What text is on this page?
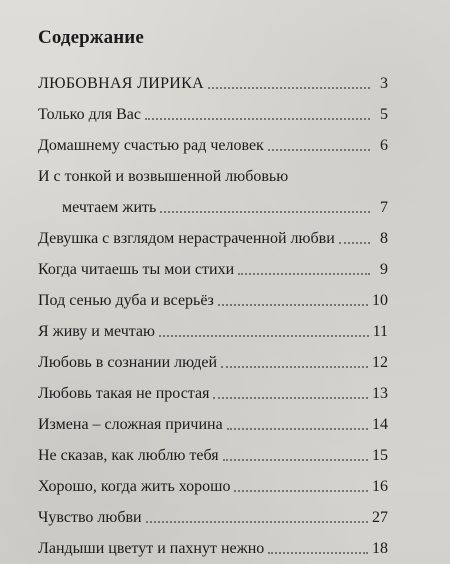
Содержание
ЛЮБОВНАЯ ЛИРИКА	3
Только для Вас	5
Домашнему счастью рад человек	6
И с тонкой и возвышенной любовью
мечтаем жить	7
Девушка с взглядом нерастраченной любви	8
Когда читаешь ты мои стихи	9
Под сенью дуба и всерьёз	10
Я живу и мечтаю	11
Любовь в сознании людей	12
Любовь такая не простая	13
Измена – сложная причина	14
Не сказав, как люблю тебя	15
Хорошо, когда жить хорошо	16
Чувство любви	27
Ландыши цветут и пахнут нежно	18
